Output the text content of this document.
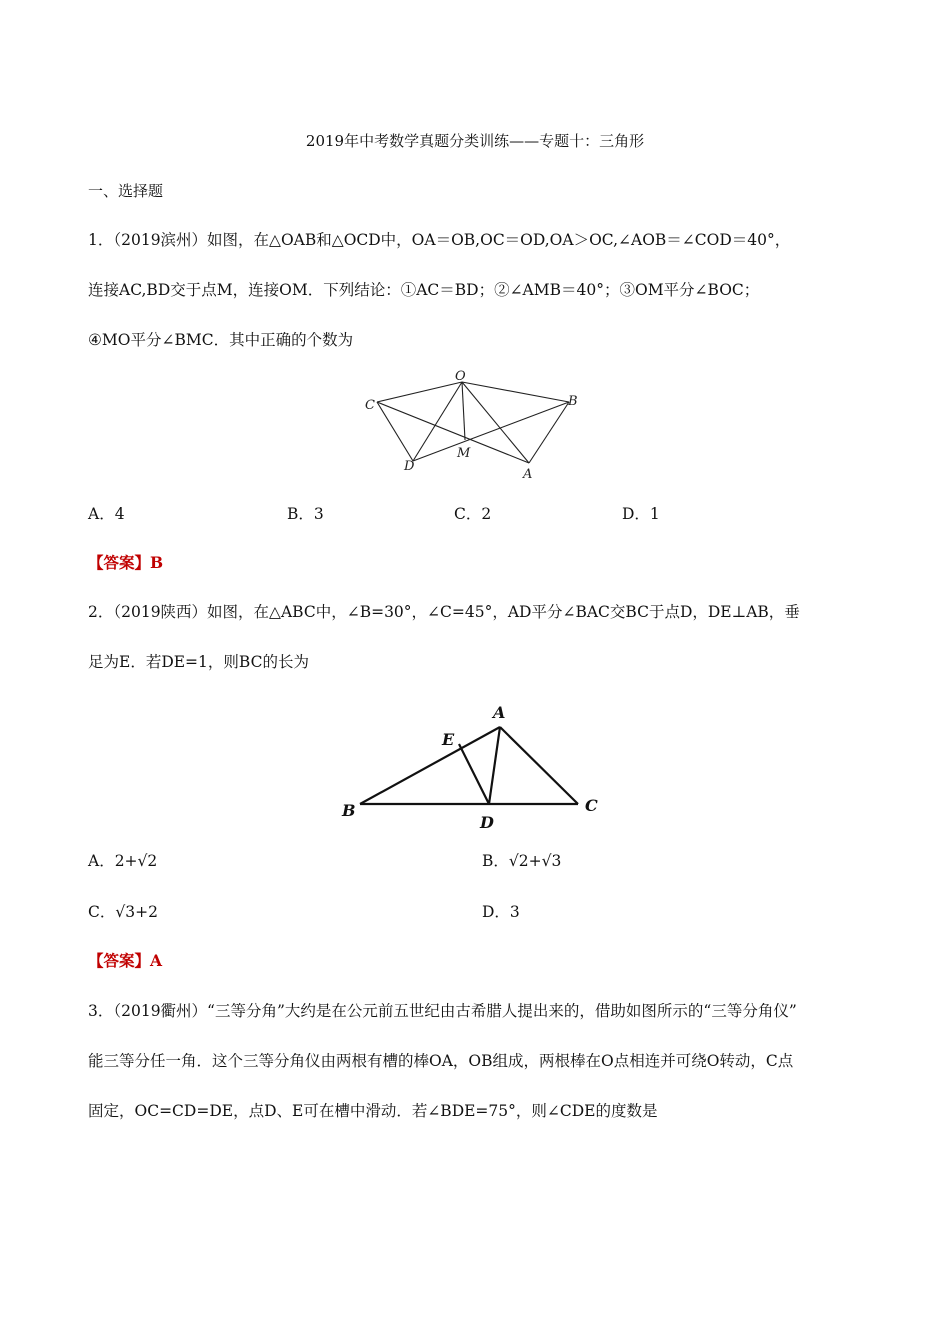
2019年中考数学真题分类训练——专题十：三角形
一、选择题
1．（2019滨州）如图，在△OAB和△OCD中，OA＝OB,OC＝OD,OA＞OC,∠AOB＝∠COD＝40°，
连接AC,BD交于点M，连接OM．下列结论：①AC＝BD；②∠AMB＝40°；③OM平分∠BOC；
④MO平分∠BMC．其中正确的个数为
O
C	B
D
M
A
A．4	B．3	C．2	D．1
【答案】B
2．（2019陕西）如图，在△ABC中，∠B=30°，∠C=45°，AD平分∠BAC交BC于点D，DE⊥AB，垂
足为E．若DE=1，则BC的长为
A
E
B
D
C
A．2+√2	B．√2+√3
C．√3+2	D．3
【答案】A
3．（2019衢州）“三等分角”大约是在公元前五世纪由古希腊人提出来的，借助如图所示的“三等分角仪”
能三等分任一角．这个三等分角仪由两根有槽的棒OA，OB组成，两根棒在O点相连并可绕O转动，C点
固定，OC=CD=DE，点D、E可在槽中滑动．若∠BDE=75°，则∠CDE的度数是
